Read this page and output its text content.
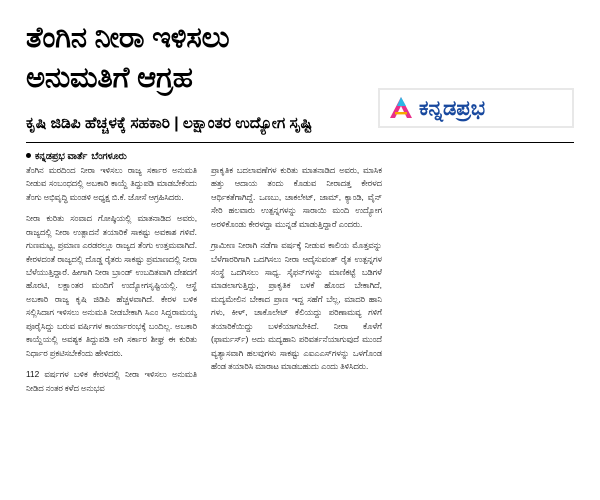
ತೆಂಗಿನ ನೀರಾ ಇಳಿಸಲು
ಅನುಮತಿಗೆ ಆಗ್ರಹ
ಕನ್ನಡಪ್ರಭ
ಕೃಷಿ ಜಿಡಿಪಿ ಹೆಚ್ಚಳಕ್ಕೆ ಸಹಕಾರಿ | ಲಕ್ಷಾಂತರ ಉದ್ಯೋಗ ಸೃಷ್ಟಿ
ಕನ್ನಡಪ್ರಭ ವಾರ್ತೆ ಬೆಂಗಳೂರು

ತೆಂಗಿನ ಮರದಿಂದ ನೀರಾ ಇಳಿಸಲು ರಾಜ್ಯ ಸರ್ಕಾರ ಅನುಮತಿ ನೀಡುವ ಸಂಬಂಧದಲ್ಲಿ ಅಬಕಾರಿ ಕಾಯ್ದೆ ತಿದ್ದುಪಡಿ ಮಾಡಬೇಕೆಂದು ತೆಂಗು ಅಭಿವೃದ್ಧಿ ಮಂಡಳಿ ಅಧ್ಯಕ್ಷ ಬಿ.ಕೆ. ಜೋಸೆ ಆಗ್ರಹಿಸಿದರು.

ನೀರಾ ಕುರಿತು ಸಂವಾದ ಗೋಷ್ಠಿಯಲ್ಲಿ ಮಾತನಾಡಿದ ಅವರು, ರಾಜ್ಯದಲ್ಲಿ ನೀರಾ ಉತ್ಪಾದನೆ ತಯಾರಿಕೆ ಸಾಕಷ್ಟು ಅವಕಾಶ ಗಳಿವೆ. ಗುಣಮಟ್ಟ, ಪ್ರಮಾಣ ಎರಡರಲ್ಲೂ ರಾಜ್ಯದ ತೆಂಗು ಉತ್ತಮವಾಗಿದೆ. ಕೇರಳದಂತೆ ರಾಜ್ಯದಲ್ಲಿ ದೊಡ್ಡ ರೈತರು ಸಾಕಷ್ಟು ಪ್ರಮಾಣದಲ್ಲಿ ನೀರಾ ಬೆಳೆಯುತ್ತಿದ್ದಾರೆ. ಹೀಗಾಗಿ ನೀರಾ ಬ್ರಾಂಡ್ ಉಬದಿತವಾಗಿ ದೇಶದಗೆ ಹೊರಟಿ, ಲಕ್ಷಾಂತರ ಮಂದಿಗೆ ಉದ್ಯೋಗಸೃಷ್ಟಿಯಲ್ಲಿ. ಆಸ್ಥೆ ಅಬಕಾರಿ ರಾಜ್ಯ ಕೃಷಿ ಜಿಡಿಪಿ ಹೆಚ್ಚಳವಾಗಿದೆ. ಕೇರಳ ಬಳಿಕ ಸಲ್ಲಿಸಿದಾಗ ಇಳಿಸಲು ಅನುಮತಿ ನೀಡಬೇಕಾಗಿ ಸಿಎಂ ಸಿದ್ದರಾಮಯ್ಯ ಪೂರೈಸಿದ್ದು ಬರುವ ವರ್ಷಿಗಳ ಕಾರ್ಯಾರಂಭಕ್ಕೆ ಬಂದಿಲ್ಲ. ಅಬಕಾರಿ ಕಾಯ್ದೆಯಲ್ಲಿ ಅವಶ್ಯಕ ತಿದ್ದುಪಡಿ ಅಗಿ ಸರ್ಕಾರ ಶೀಘ್ರ ಈ ಕುರಿತು ನಿರ್ಧಾರ ಪ್ರಕಟಿಸಬೇಕೆಂದು ಹೇಳಿದರು.

112 ವರ್ಷಗಳ ಬಳಿಕ ಕೇರಳದಲ್ಲಿ ನೀರಾ ಇಳಿಸಲು ಅನುಮತಿ ನೀಡಿದ ನಂತರ ಕಳೆದ ಅನುಭವ

ಪ್ರಾಕೃತಿಕ ಬದಲಾವಣೆಗಳ ಕುರಿತು ಮಾತನಾಡಿದ ಅವರು, ಮಾಸಿಕ ಹತ್ತು ಆದಾಯ ತಂದು ಕೊಡುವ ನೀರಾದತ್ತ ಕೇರಳದ ಆರ್ಥಿಕತೆಗಾಗಿದ್ದೆ. ಒಣಬು, ಚಾಕಲೇಟ್, ಜಾಮ್, ಕ್ಯಾಂಡಿ, ವೈನ್ ಸೇರಿ ಹಲವಾರು ಉತ್ಪನ್ನಗಳನ್ನು ಸಾರಾಯಿ ಮಂದಿ ಉದ್ಯೋಗ ಅರಳಿಕೊಂಡು ಕೇರಳದ್ದಾ ಮುನ್ನಡೆ ಮಾಡುತ್ತಿದ್ದಾರೆ ಎಂದರು.

ಗ್ರಾಮೀಣ ನೀರಾಗಿ ನಡೆಗಾ ವರ್ಷಕ್ಕೆ ನೀಡುವ ಕಾಲಿಯ ಮೊತ್ತವನ್ನು ಬೆಳೆಗಾರರಿಗಾಗಿ ಒದಗಿಸಲು ನೀರಾ ಆದೈಸುವಂತ್ ರೈತ ಉತ್ಪನ್ನಗಳ ಸಂಸ್ಥೆ ಒದಗಿಸಲು ಸಾಧ್ಯ. ಸೈಫನ್‌ಗಳನ್ನು ಮಾಣಿಕಟ್ಟೆ ಬಡಿಗಳೆ ಮಾಡಲಾಗುತ್ತಿದ್ದು, ಪ್ರಾಕೃತಿಕ ಬಳಕೆ ಹೊಂದ ಬೇಕಾಗಿದೆ, ಮದ್ಯಮೇಲಿನ ಬೇಕಾದ ಪ್ರಾಣ ಇದ್ದ ಸಹೆಗೆ ಬೆಲ್ಲ, ಮಾದರಿ ಹಾನಿ ಗಳು, ಕೀಳ್, ಚಾಕೊಲೇಟ್ ಕೆಲಿಯದ್ದು ಪರಿಣಾಮವ್ಯ ಗಳಿಗೆ ತಯಾರಿಕೆಯಿದ್ದು ಬಳಕೆಯಾಗಬೇಕಿದೆ. ನೀರಾ ಕೊಳೆಗೆ (ಫಾರ್ಮರ್ಸ್) ಅದು ಮದ್ಯಹಾನಿ ಪರಿವರ್ತನೆಯಾಗುವುದೆ ಮುಂದೆ ವ್ಯತ್ಯಾಸವಾಗಿ ಹಲವುಗಳು ಸಾಕಷ್ಟು ಎಐಎಎಸ್‌ಗಳನ್ನು ಒಳಗೊಂಡ ಹೆಂಡ ತಯಾರಿಸಿ ಮಾರಾಟ ಮಾಡಬಹುದು ಎಂದು ತಿಳಿಸಿದರು.
